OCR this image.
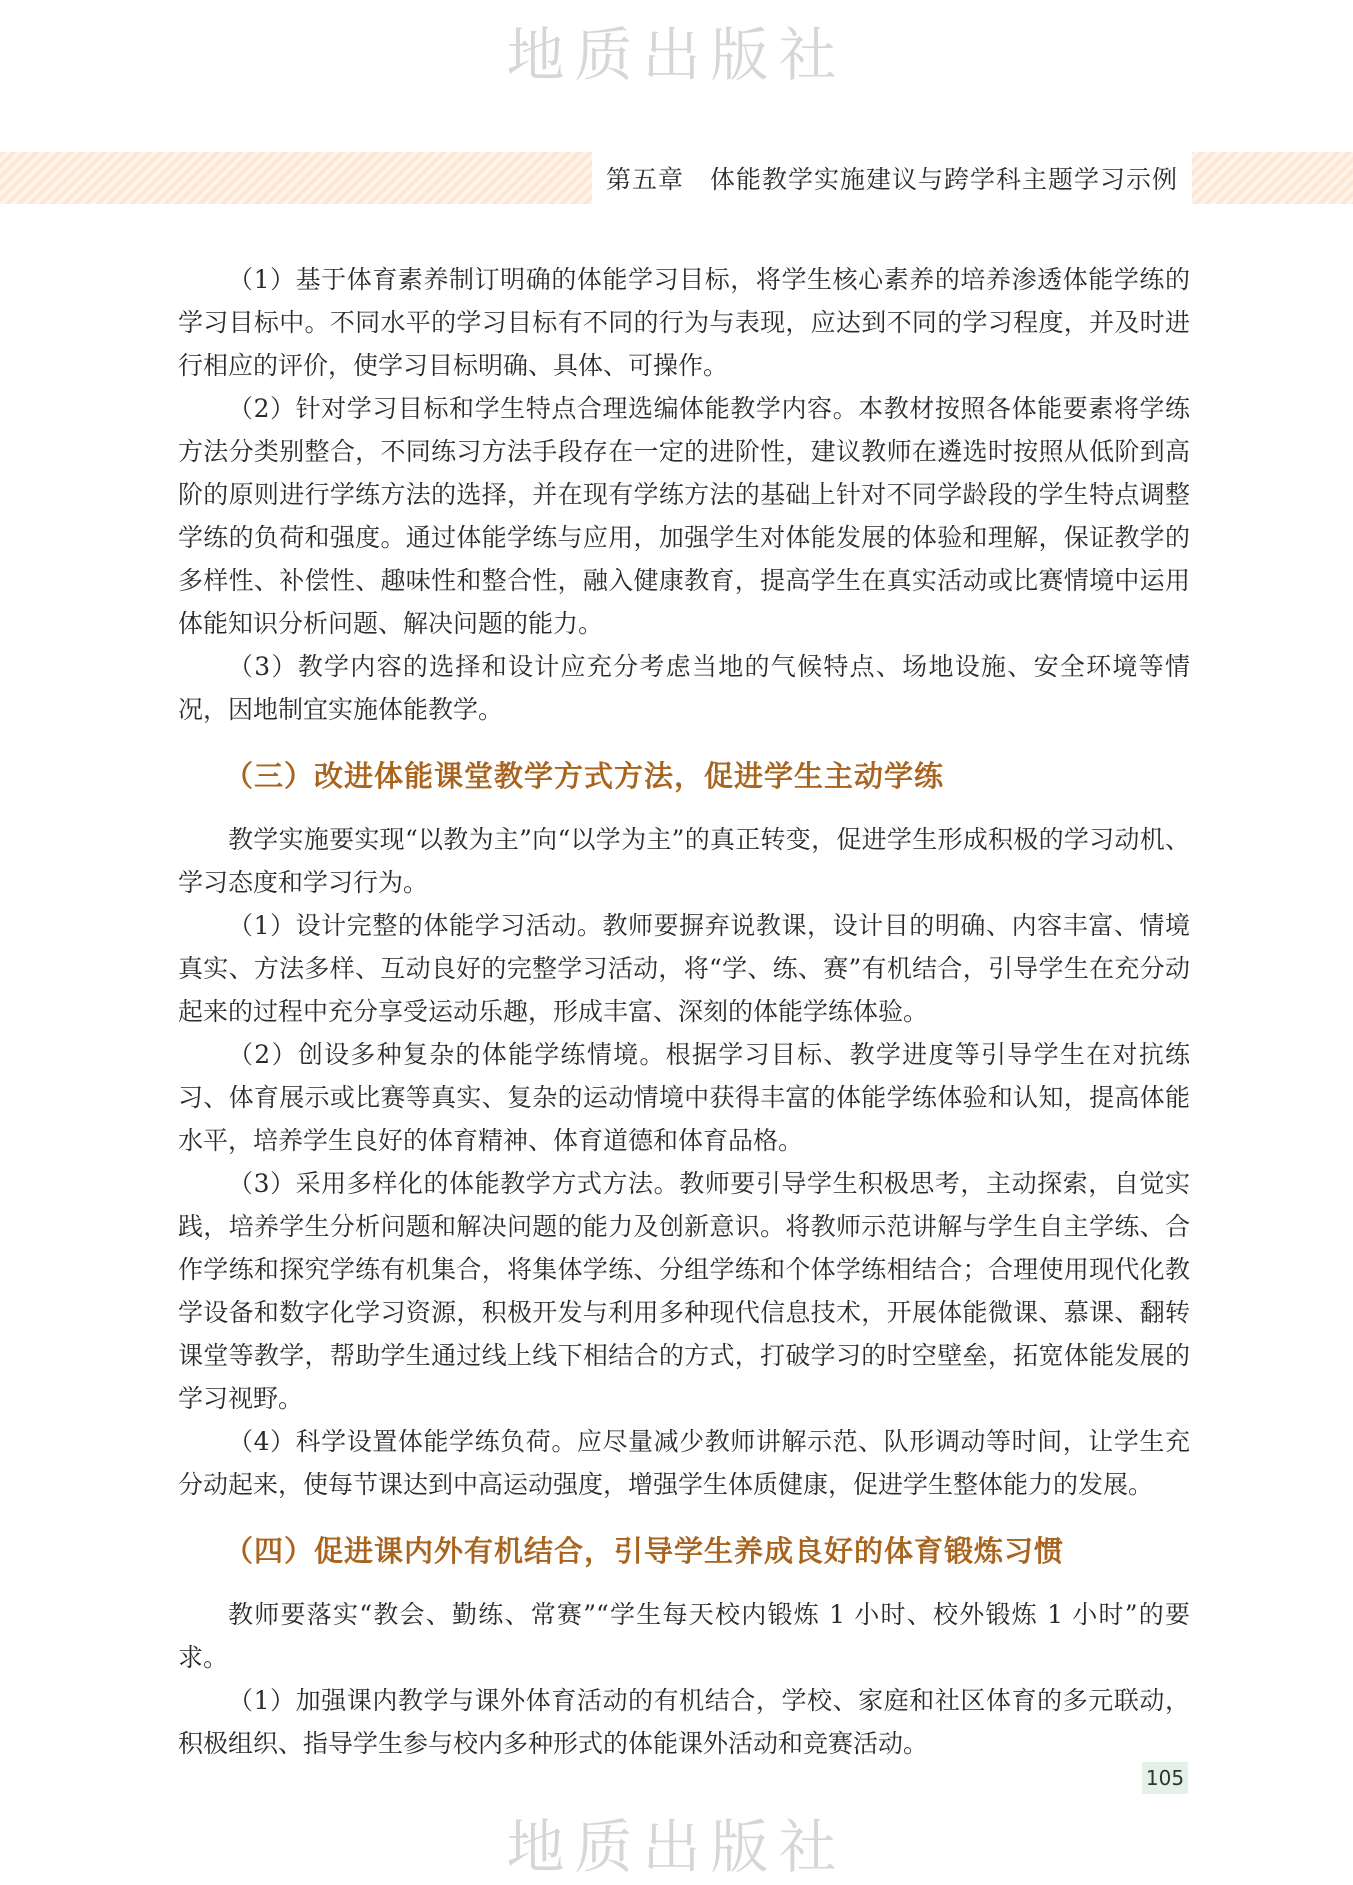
地质出版社
第五章　体能教学实施建议与跨学科主题学习示例

（1）基于体育素养制订明确的体能学习目标，将学生核心素养的培养渗透体能学练的学习目标中。不同水平的学习目标有不同的行为与表现，应达到不同的学习程度，并及时进行相应的评价，使学习目标明确、具体、可操作。

（2）针对学习目标和学生特点合理选编体能教学内容。本教材按照各体能要素将学练方法分类别整合，不同练习方法手段存在一定的进阶性，建议教师在遴选时按照从低阶到高阶的原则进行学练方法的选择，并在现有学练方法的基础上针对不同学龄段的学生特点调整学练的负荷和强度。通过体能学练与应用，加强学生对体能发展的体验和理解，保证教学的多样性、补偿性、趣味性和整合性，融入健康教育，提高学生在真实活动或比赛情境中运用体能知识分析问题、解决问题的能力。

（3）教学内容的选择和设计应充分考虑当地的气候特点、场地设施、安全环境等情况，因地制宜实施体能教学。

（三）改进体能课堂教学方式方法，促进学生主动学练

教学实施要实现“以教为主”向“以学为主”的真正转变，促进学生形成积极的学习动机、学习态度和学习行为。

（1）设计完整的体能学习活动。教师要摒弃说教课，设计目的明确、内容丰富、情境真实、方法多样、互动良好的完整学习活动，将“学、练、赛”有机结合，引导学生在充分动起来的过程中充分享受运动乐趣，形成丰富、深刻的体能学练体验。

（2）创设多种复杂的体能学练情境。根据学习目标、教学进度等引导学生在对抗练习、体育展示或比赛等真实、复杂的运动情境中获得丰富的体能学练体验和认知，提高体能水平，培养学生良好的体育精神、体育道德和体育品格。

（3）采用多样化的体能教学方式方法。教师要引导学生积极思考，主动探索，自觉实践，培养学生分析问题和解决问题的能力及创新意识。将教师示范讲解与学生自主学练、合作学练和探究学练有机集合，将集体学练、分组学练和个体学练相结合；合理使用现代化教学设备和数字化学习资源，积极开发与利用多种现代信息技术，开展体能微课、慕课、翻转课堂等教学，帮助学生通过线上线下相结合的方式，打破学习的时空壁垒，拓宽体能发展的学习视野。

（4）科学设置体能学练负荷。应尽量减少教师讲解示范、队形调动等时间，让学生充分动起来，使每节课达到中高运动强度，增强学生体质健康，促进学生整体能力的发展。

（四）促进课内外有机结合，引导学生养成良好的体育锻炼习惯

教师要落实“教会、勤练、常赛”“学生每天校内锻炼 1 小时、校外锻炼 1 小时”的要求。

（1）加强课内教学与课外体育活动的有机结合，学校、家庭和社区体育的多元联动，积极组织、指导学生参与校内多种形式的体能课外活动和竞赛活动。

105
地质出版社
